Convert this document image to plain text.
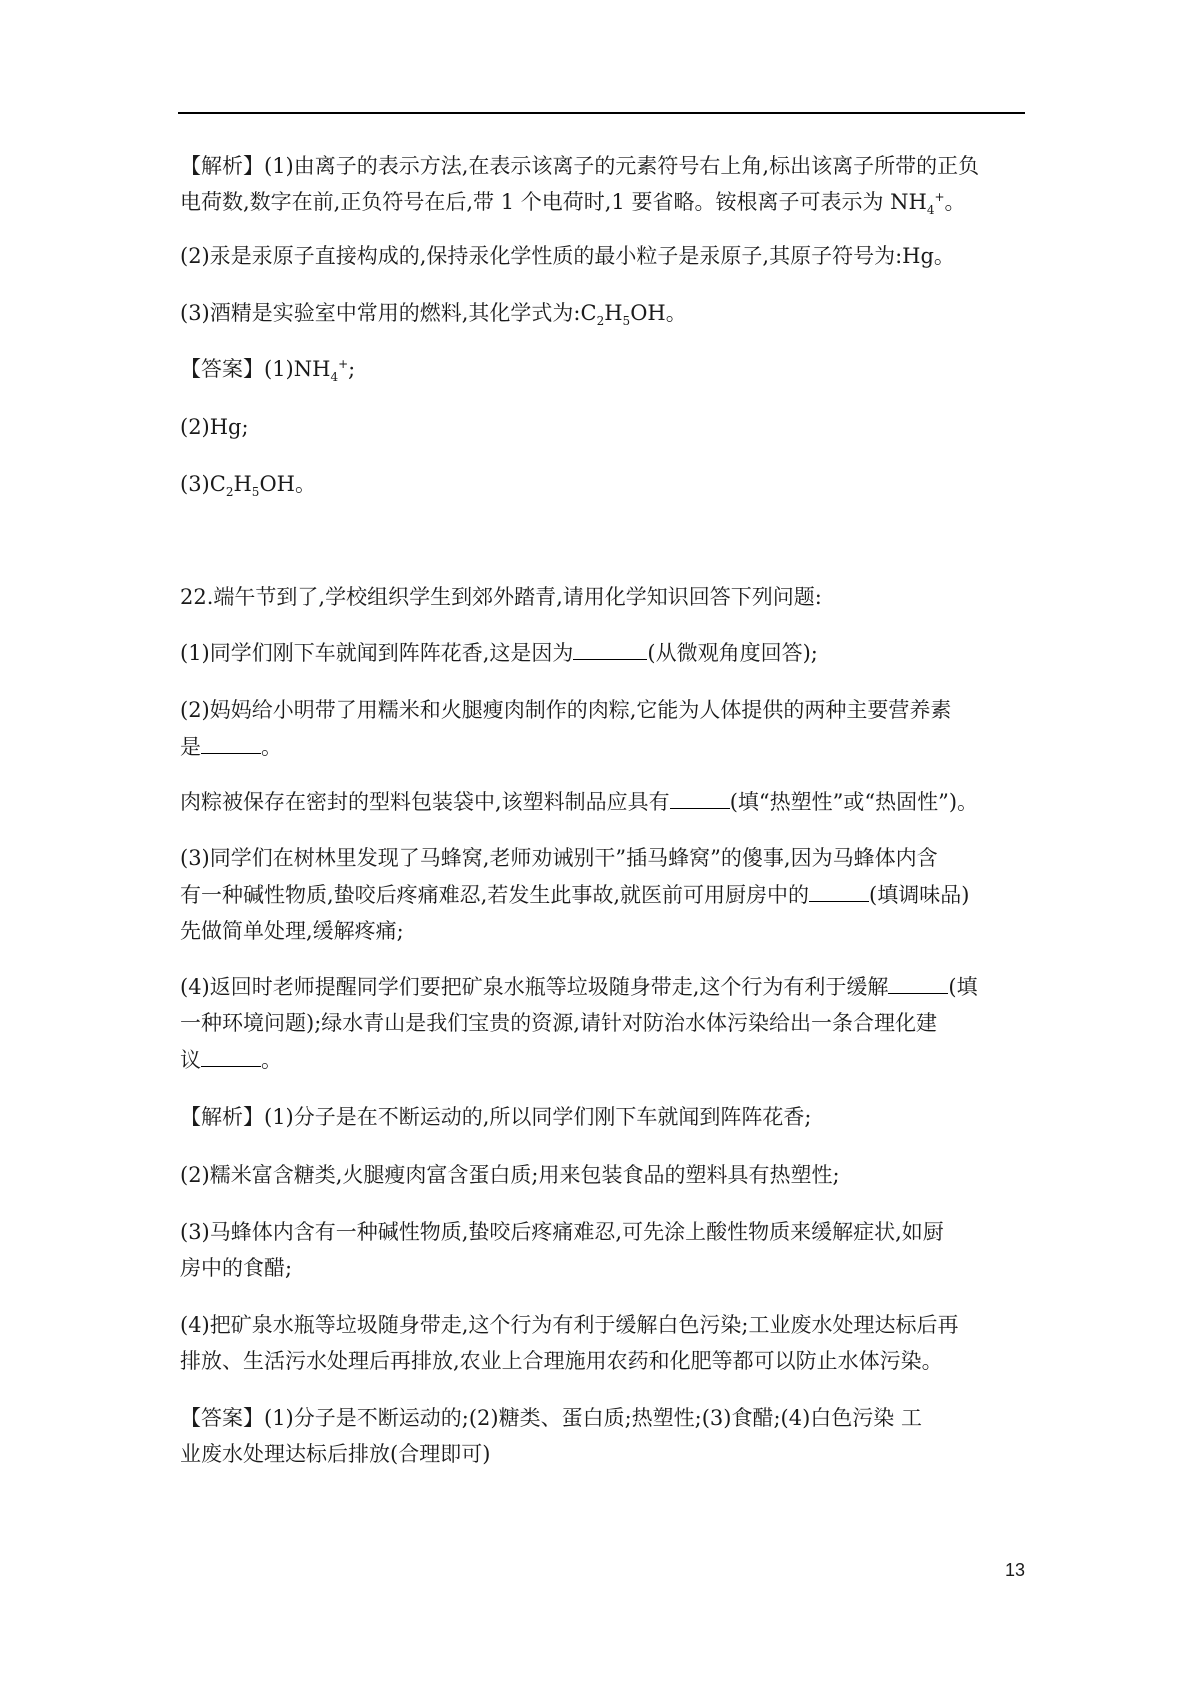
【解析】(1)由离子的表示方法,在表示该离子的元素符号右上角,标出该离子所带的正负
电荷数,数字在前,正负符号在后,带 1 个电荷时,1 要省略。铵根离子可表示为 $NH_4^+$。
(2)汞是汞原子直接构成的,保持汞化学性质的最小粒子是汞原子,其原子符号为:Hg。
(3)酒精是实验室中常用的燃料,其化学式为$:C_2H_5OH$。
【答案】$(1)NH_4^+$;
(2)Hg;
$(3)C_2H_5OH$。
22.端午节到了,学校组织学生到郊外踏青,请用化学知识回答下列问题:
(1)同学们刚下车就闻到阵阵花香,这是因为	(从微观角度回答);
(2)妈妈给小明带了用糯米和火腿瘦肉制作的肉粽,它能为人体提供的两种主要营养素
是	。
肉粽被保存在密封的型料包装袋中,该塑料制品应具有	(填“热塑性”或“热固性”)。
(3)同学们在树林里发现了马蜂窝,老师劝诫别干”插马蜂窝”的傻事,因为马蜂体内含
有一种碱性物质,蛰咬后疼痛难忍,若发生此事故,就医前可用厨房中的	(填调味品)
先做简单处理,缓解疼痛;
(4)返回时老师提醒同学们要把矿泉水瓶等垃圾随身带走,这个行为有利于缓解	(填
一种环境问题);绿水青山是我们宝贵的资源,请针对防治水体污染给出一条合理化建
议	。
【解析】(1)分子是在不断运动的,所以同学们刚下车就闻到阵阵花香;
(2)糯米富含糖类,火腿瘦肉富含蛋白质;用来包装食品的塑料具有热塑性;
(3)马蜂体内含有一种碱性物质,蛰咬后疼痛难忍,可先涂上酸性物质来缓解症状,如厨
房中的食醋;
(4)把矿泉水瓶等垃圾随身带走,这个行为有利于缓解白色污染;工业废水处理达标后再
排放、生活污水处理后再排放,农业上合理施用农药和化肥等都可以防止水体污染。
【答案】(1)分子是不断运动的;(2)糖类、蛋白质;热塑性;(3)食醋;(4)白色污染 工
业废水处理达标后排放(合理即可)
13
